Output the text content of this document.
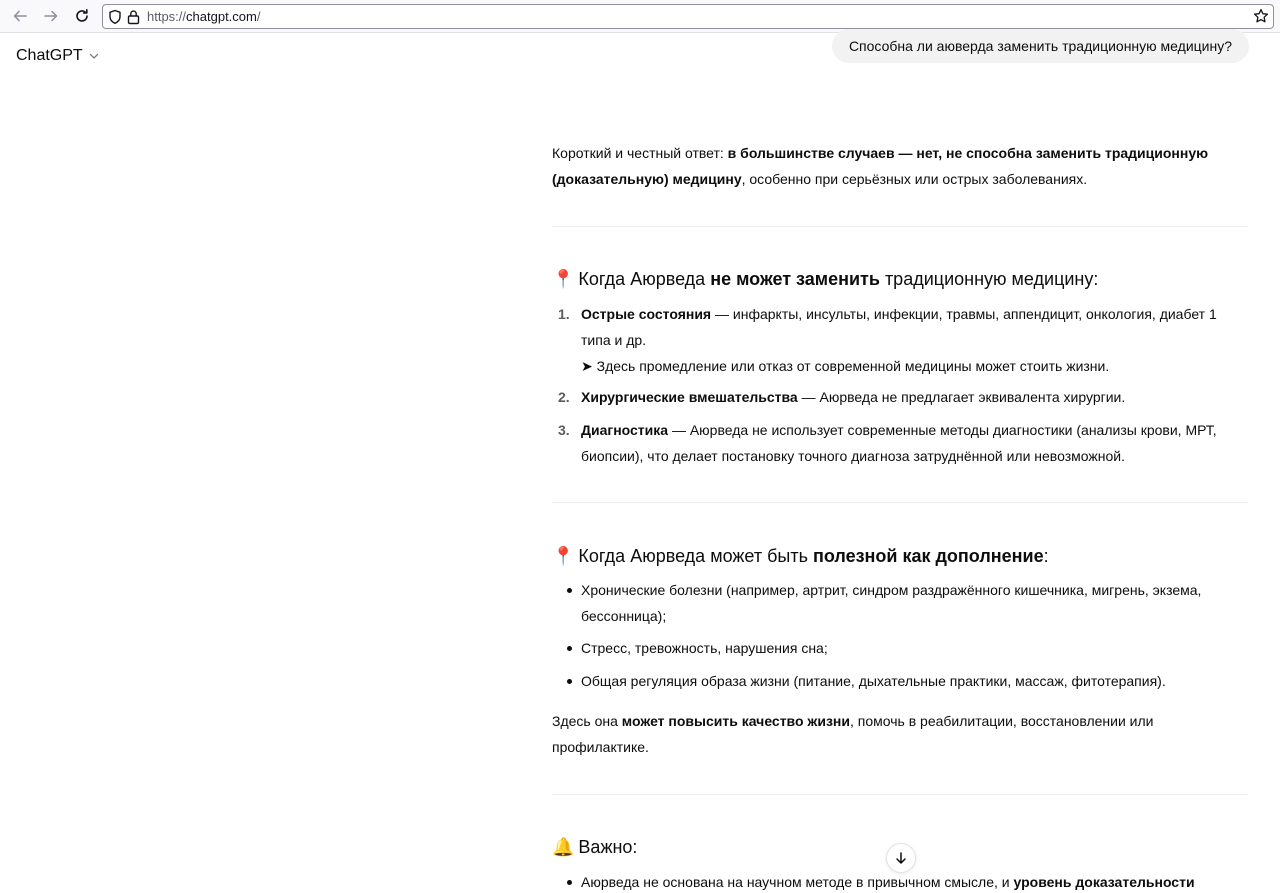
https://chatgpt.com/
ChatGPT
Способна ли аюверда заменить традиционную медицину?

Короткий и честный ответ: в большинстве случаев — нет, не способна заменить традиционную (доказательную) медицину, особенно при серьёзных или острых заболеваниях.

📍 Когда Аюрведа
не может заменить
традиционную медицину:
1. Острые состояния — инфаркты, инсульты, инфекции, травмы, аппендицит, онкология, диабет 1 типа и др.
➤ Здесь промедление или отказ от современной медицины может стоить жизни.
2. Хирургические вмешательства — Аюрведа не предлагает эквивалента хирургии.
3. Диагностика — Аюрведа не использует современные методы диагностики (анализы крови, МРТ, биопсии), что делает постановку точного диагноза затруднённой или невозможной.
📍 Когда Аюрведа может быть
полезной как дополнение :
Хронические болезни (например, артрит, синдром раздражённого кишечника, мигрень, экзема, бессонница);
Стресс, тревожность, нарушения сна;
Общая регуляция образа жизни (питание, дыхательные практики, массаж, фитотерапия).

Здесь она может повысить качество жизни, помочь в реабилитации, восстановлении или профилактике.

🔔 Важно:
Аюрведа не основана на научном методе в привычном смысле, и уровень доказательности
